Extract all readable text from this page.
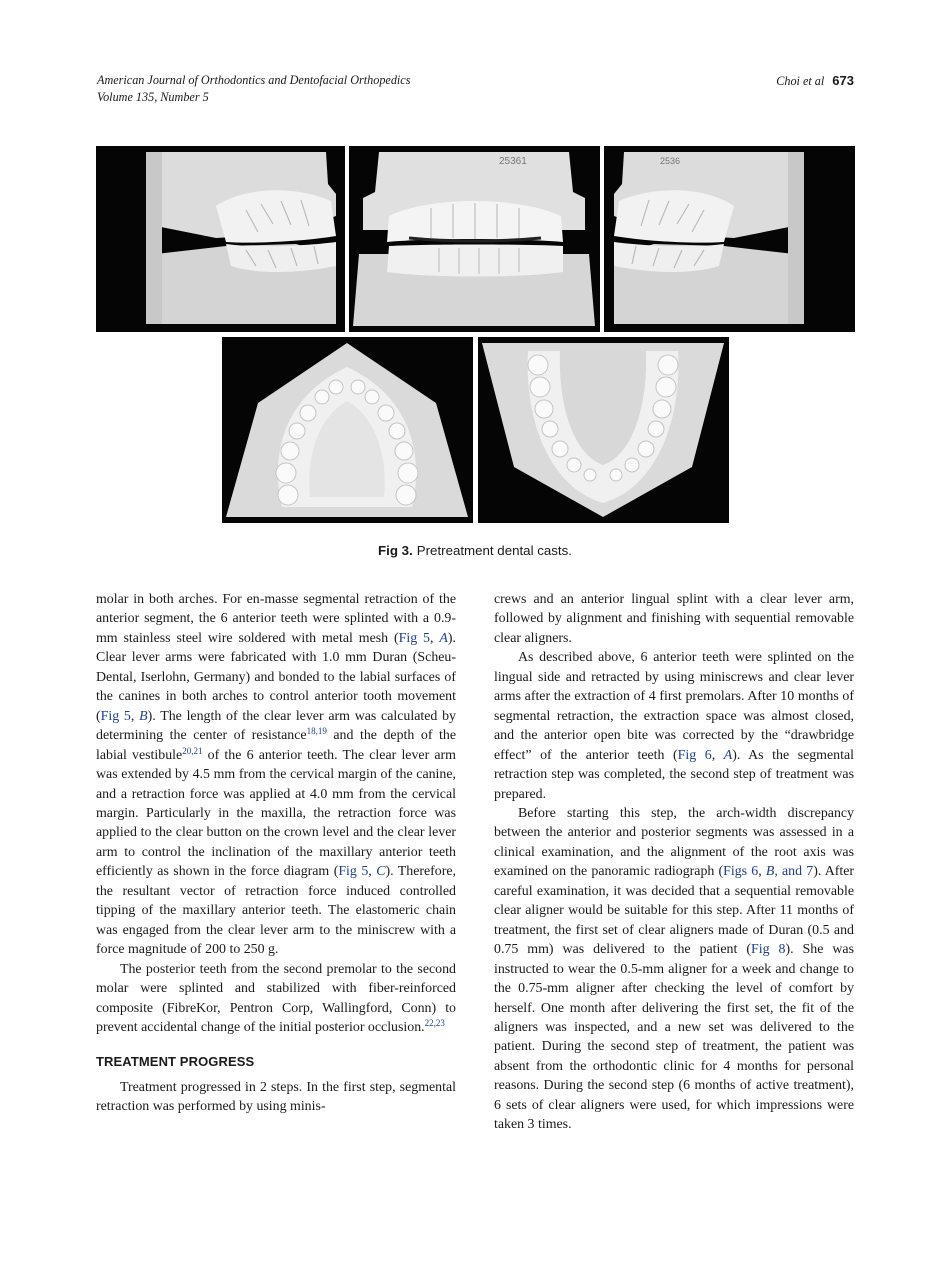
American Journal of Orthodontics and Dentofacial Orthopedics
Volume 135, Number 5
Choi et al 673
25361	2536
Fig 3. Pretreatment dental casts.

molar in both arches. For en-masse segmental retraction of the anterior segment, the 6 anterior teeth were splinted with a 0.9-mm stainless steel wire soldered with metal mesh (Fig 5, A). Clear lever arms were fabricated with 1.0 mm Duran (Scheu-Dental, Iserlohn, Germany) and bonded to the labial surfaces of the canines in both arches to control anterior tooth movement (Fig 5, B). The length of the clear lever arm was calculated by determining the center of resistance$^{18,19}$ and the depth of the labial vestibule$^{20,21}$ of the 6 anterior teeth. The clear lever arm was extended by 4.5 mm from the cervical margin of the canine, and a retraction force was applied at 4.0 mm from the cervical margin. Particularly in the maxilla, the retraction force was applied to the clear button on the crown level and the clear lever arm to control the inclination of the maxillary anterior teeth efficiently as shown in the force diagram (Fig 5, C). Therefore, the resultant vector of retraction force induced controlled tipping of the maxillary anterior teeth. The elastomeric chain was engaged from the clear lever arm to the miniscrew with a force magnitude of 200 to 250 g.

The posterior teeth from the second premolar to the second molar were splinted and stabilized with fiber-reinforced composite (FibreKor, Pentron Corp, Wallingford, Conn) to prevent accidental change of the initial posterior occlusion.$^{22,23}$

TREATMENT PROGRESS

Treatment progressed in 2 steps. In the first step, segmental retraction was performed by using minis-

crews and an anterior lingual splint with a clear lever arm, followed by alignment and finishing with sequential removable clear aligners.

As described above, 6 anterior teeth were splinted on the lingual side and retracted by using miniscrews and clear lever arms after the extraction of 4 first premolars. After 10 months of segmental retraction, the extraction space was almost closed, and the anterior open bite was corrected by the “drawbridge effect” of the anterior teeth (Fig 6, A). As the segmental retraction step was completed, the second step of treatment was prepared.

Before starting this step, the arch-width discrepancy between the anterior and posterior segments was assessed in a clinical examination, and the alignment of the root axis was examined on the panoramic radiograph (Figs 6, B, and 7). After careful examination, it was decided that a sequential removable clear aligner would be suitable for this step. After 11 months of treatment, the first set of clear aligners made of Duran (0.5 and 0.75 mm) was delivered to the patient (Fig 8). She was instructed to wear the 0.5-mm aligner for a week and change to the 0.75-mm aligner after checking the level of comfort by herself. One month after delivering the first set, the fit of the aligners was inspected, and a new set was delivered to the patient. During the second step of treatment, the patient was absent from the orthodontic clinic for 4 months for personal reasons. During the second step (6 months of active treatment), 6 sets of clear aligners were used, for which impressions were taken 3 times.
